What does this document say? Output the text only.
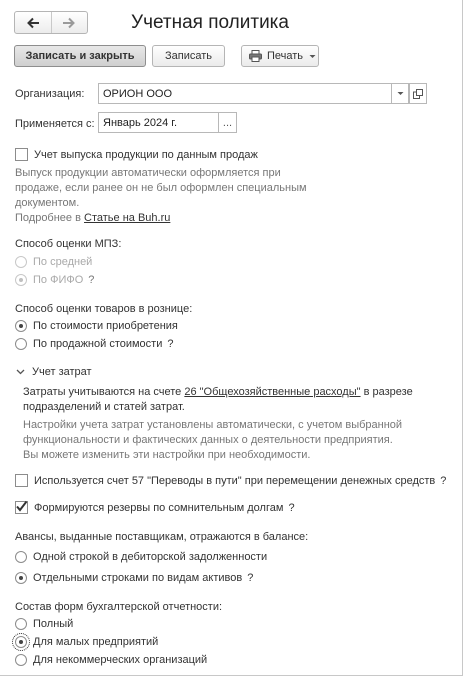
Учетная политика
Записать и закрыть	Записать	Печать
Организация:	ОРИОН ООО
Применяется с: Январь 2024 г.	...
Учет выпуска продукции по данным продаж
Выпуск продукции автоматически оформляется при
продаже, если ранее он не был оформлен специальным
документом.
Подробнее в Статье на Buh.ru
Способ оценки МПЗ:
По средней
По ФИФО ?
Способ оценки товаров в рознице:
По стоимости приобретения
По продажной стоимости ?
Учет затрат
Затраты учитываются на счете 26 "Общехозяйственные расходы" в разрезе
подразделений и статей затрат.
Настройки учета затрат установлены автоматически, с учетом выбранной
функциональности и фактических данных о деятельности предприятия.
Вы можете изменить эти настройки при необходимости.
Используется счет 57 "Переводы в пути" при перемещении денежных средств ?
Формируются резервы по сомнительным долгам ?
Авансы, выданные поставщикам, отражаются в балансе:
Одной строкой в дебиторской задолженности
Отдельными строками по видам активов ?
Состав форм бухгалтерской отчетности:
Полный
Для малых предприятий
Для некоммерческих организаций
